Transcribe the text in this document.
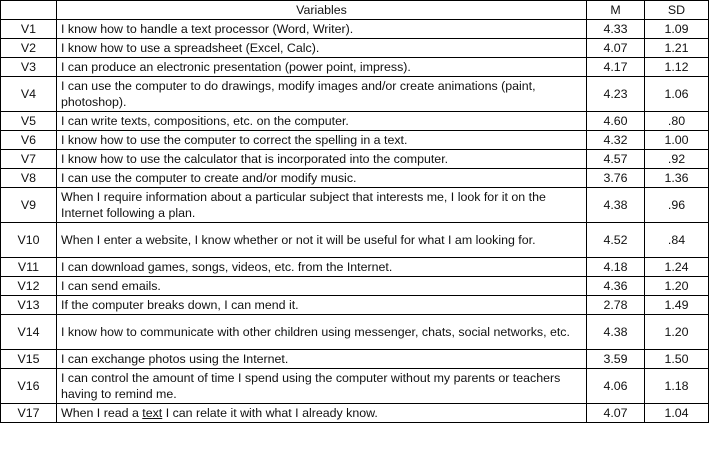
	Variables	M	SD
V1	I know how to handle a text processor (Word, Writer).	4.33	1.09
V2	I know how to use a spreadsheet (Excel, Calc).	4.07	1.21
V3	I can produce an electronic presentation (power point, impress).	4.17	1.12
V4	I can use the computer to do drawings, modify images and/or create animations (paint, photoshop).	4.23	1.06
V5	I can write texts, compositions, etc. on the computer.	4.60	.80
V6	I know how to use the computer to correct the spelling in a text.	4.32	1.00
V7	I know how to use the calculator that is incorporated into the computer.	4.57	.92
V8	I can use the computer to create and/or modify music.	3.76	1.36
V9	When I require information about a particular subject that interests me, I look for it on the Internet following a plan.	4.38	.96
V10	When I enter a website, I know whether or not it will be useful for what I am looking for.	4.52	.84
V11	I can download games, songs, videos, etc. from the Internet.	4.18	1.24
V12	I can send emails.	4.36	1.20
V13	If the computer breaks down, I can mend it.	2.78	1.49
V14	I know how to communicate with other children using messenger, chats, social networks, etc.	4.38	1.20
V15	I can exchange photos using the Internet.	3.59	1.50
V16	I can control the amount of time I spend using the computer without my parents or teachers having to remind me.	4.06	1.18
V17	When I read a text I can relate it with what I already know.	4.07	1.04
